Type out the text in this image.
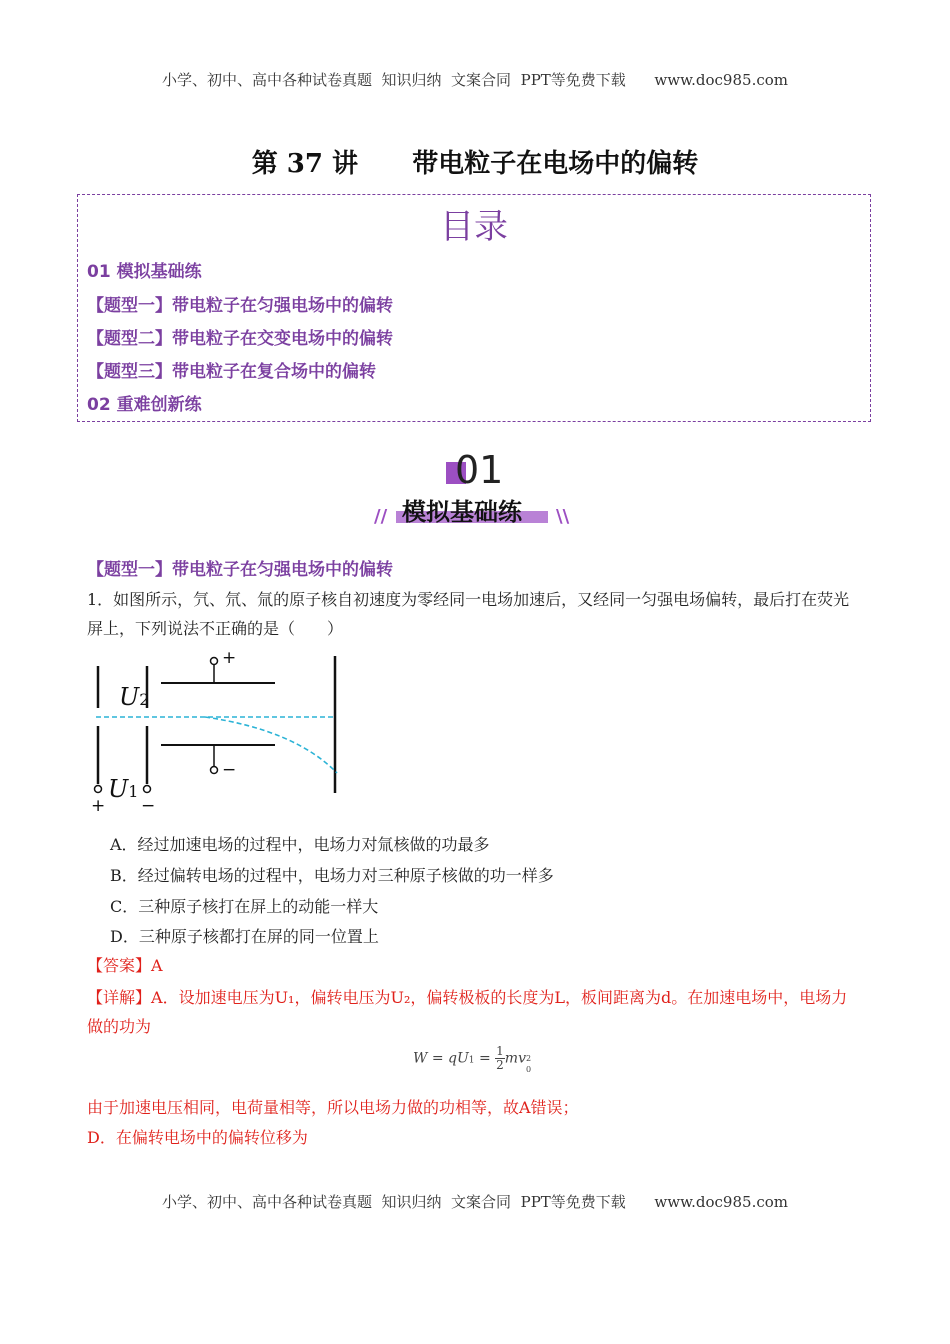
小学、初中、高中各种试卷真题  知识归纳  文案合同  PPT等免费下载      www.doc985.com
第 37 讲      带电粒子在电场中的偏转
目录
01 模拟基础练
【题型一】带电粒子在匀强电场中的偏转
【题型二】带电粒子在交变电场中的偏转
【题型三】带电粒子在复合场中的偏转
02 重难创新练
01
模拟基础练
//	\\
【题型一】带电粒子在匀强电场中的偏转
1．如图所示，氕、氘、氚的原子核自初速度为零经同一电场加速后，又经同一匀强电场偏转，最后打在荧光屏上，下列说法不正确的是（　　）
U2
+
−
U1
+ −
A．经过加速电场的过程中，电场力对氚核做的功最多
B．经过偏转电场的过程中，电场力对三种原子核做的功一样多
C．三种原子核打在屏上的动能一样大
D．三种原子核都打在屏的同一位置上
【答案】A
【详解】A．设加速电压为U₁，偏转电压为U₂，偏转极板的长度为L，板间距离为d。在加速电场中，电场力做的功为
$W = qU1 = \frac{1}{2}$ mv 2
0
由于加速电压相同，电荷量相等，所以电场力做的功相等，故A错误；
D．在偏转电场中的偏转位移为
小学、初中、高中各种试卷真题  知识归纳  文案合同  PPT等免费下载      www.doc985.com
